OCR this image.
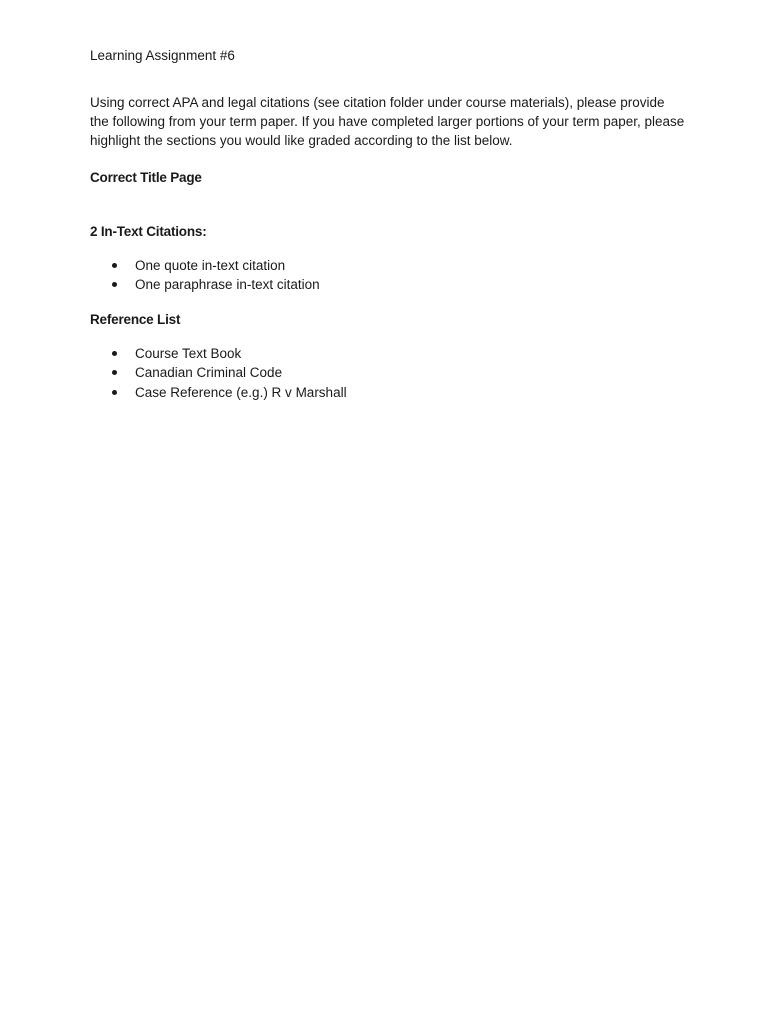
Learning Assignment #6

Using correct APA and legal citations (see citation folder under course materials), please provide the following from your term paper. If you have completed larger portions of your term paper, please highlight the sections you would like graded according to the list below.

Correct Title Page
2 In-Text Citations:
One quote in-text citation
One paraphrase in-text citation
Reference List
Course Text Book
Canadian Criminal Code
Case Reference (e.g.) R v Marshall
